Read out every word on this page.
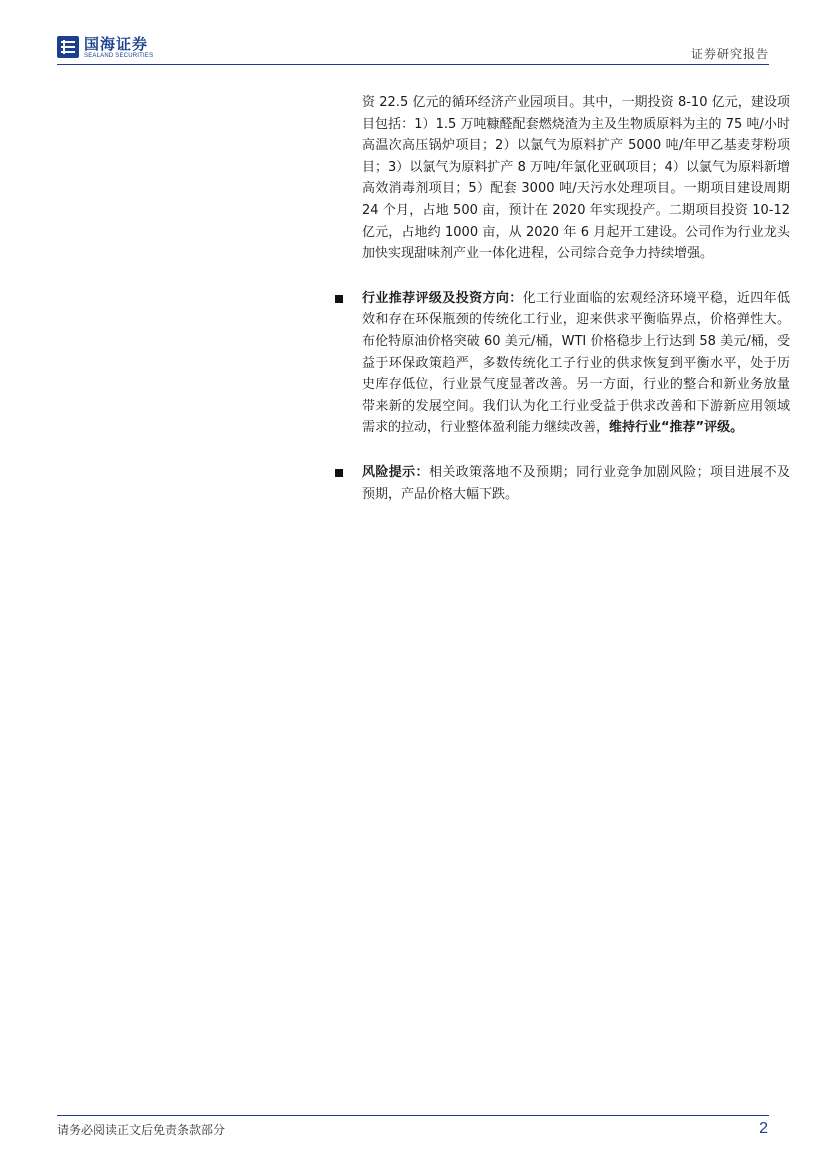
国海证券
SEALAND SECURITIES	证券研究报告

资 22.5 亿元的循环经济产业园项目。其中，一期投资 8-10 亿元，建设项目包括：1）1.5 万吨糠醛配套燃烧渣为主及生物质原料为主的 75 吨/小时高温次高压锅炉项目；2）以氯气为原料扩产 5000 吨/年甲乙基麦芽粉项目；3）以氯气为原料扩产 8 万吨/年氯化亚砜项目；4）以氯气为原料新增高效消毒剂项目；5）配套 3000 吨/天污水处理项目。一期项目建设周期 24 个月，占地 500 亩，预计在 2020 年实现投产。二期项目投资 10-12 亿元，占地约 1000 亩，从 2020 年 6 月起开工建设。公司作为行业龙头加快实现甜味剂产业一体化进程，公司综合竞争力持续增强。

行业推荐评级及投资方向：化工行业面临的宏观经济环境平稳，近四年低效和存在环保瓶颈的传统化工行业，迎来供求平衡临界点，价格弹性大。布伦特原油价格突破 60 美元/桶，WTI 价格稳步上行达到 58 美元/桶，受益于环保政策趋严，多数传统化工子行业的供求恢复到平衡水平，处于历史库存低位，行业景气度显著改善。另一方面，行业的整合和新业务放量带来新的发展空间。我们认为化工行业受益于供求改善和下游新应用领域需求的拉动，行业整体盈利能力继续改善，维持行业“推荐”评级。

风险提示：相关政策落地不及预期；同行业竞争加剧风险；项目进展不及预期，产品价格大幅下跌。

请务必阅读正文后免责条款部分	2
